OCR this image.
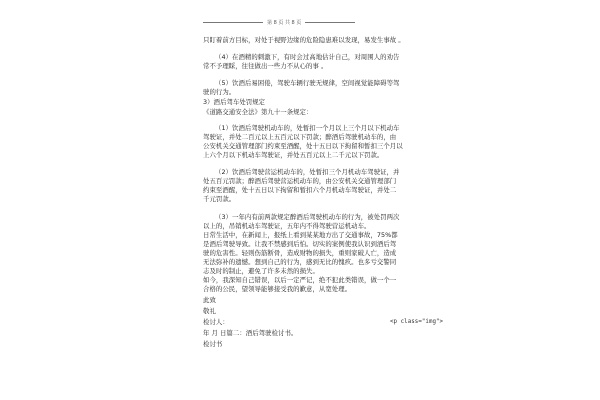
第 8 页 共 8 页
只盯着前方目标，对处于视野边缘的危险隐患难以发现，易发生事故 。
（4）在酒精的刺激下，有时会过高地估计自己，对周围人的劝告
常不予理睬，往往做出一些力不从心的事 。
（5）饮酒后易困倦，驾驶车辆行驶无规律，空间视觉能障碍等驾
驶的行为。
3）酒后驾车处罚规定
《道路交通安全法》第九十一条规定：
（1）饮酒后驾驶机动车的，处暂扣一个月以上三个月以下机动车
驾驶证，并处二百元以上五百元以下罚款；醉酒后驾驶机动车的，由
公安机关交通管理部门约束至酒醒，处十五日以下拘留和暂扣三个月以
上六个月以下机动车驾驶证，并处五百元以上二千元以下罚款。
（2）饮酒后驾驶营运机动车的，处暂扣三个月机动车驾驶证，并
处五百元罚款；醉酒后驾驶营运机动车的，由公安机关交通管理部门
约束至酒醒，处十五日以下拘留和暂扣六个月机动车驾驶证，并处二
千元罚款。
（3）一年内有前两款规定醉酒后驾驶机动车的行为，被处罚两次
以上的，吊销机动车驾驶证，五年内不得驾驶营运机动车。
日常生活中，在新闻上，报纸上看到某某地方出了交通事故，75%都
是酒后驾驶导致。让我不禁感到后怕。切实的案例使我认识到酒后驾
驶的危害性。轻则伤筋断骨，造成财物的损失，重则家破人亡，造成
无法弥补的遗憾。想到自己的行为，感到无比的愧疚。也多亏交警同
志及时的制止，避免了许多未然的损失。
如今，我深知自己错误，以后一定严记，绝不犯此类错误，做一个一
合格的公民，望领导能够接受我的歉意，从宽处理。
此致
敬礼
检讨人：	<p class="img">
年 月 日篇二：酒后驾驶检讨书。
检讨书
